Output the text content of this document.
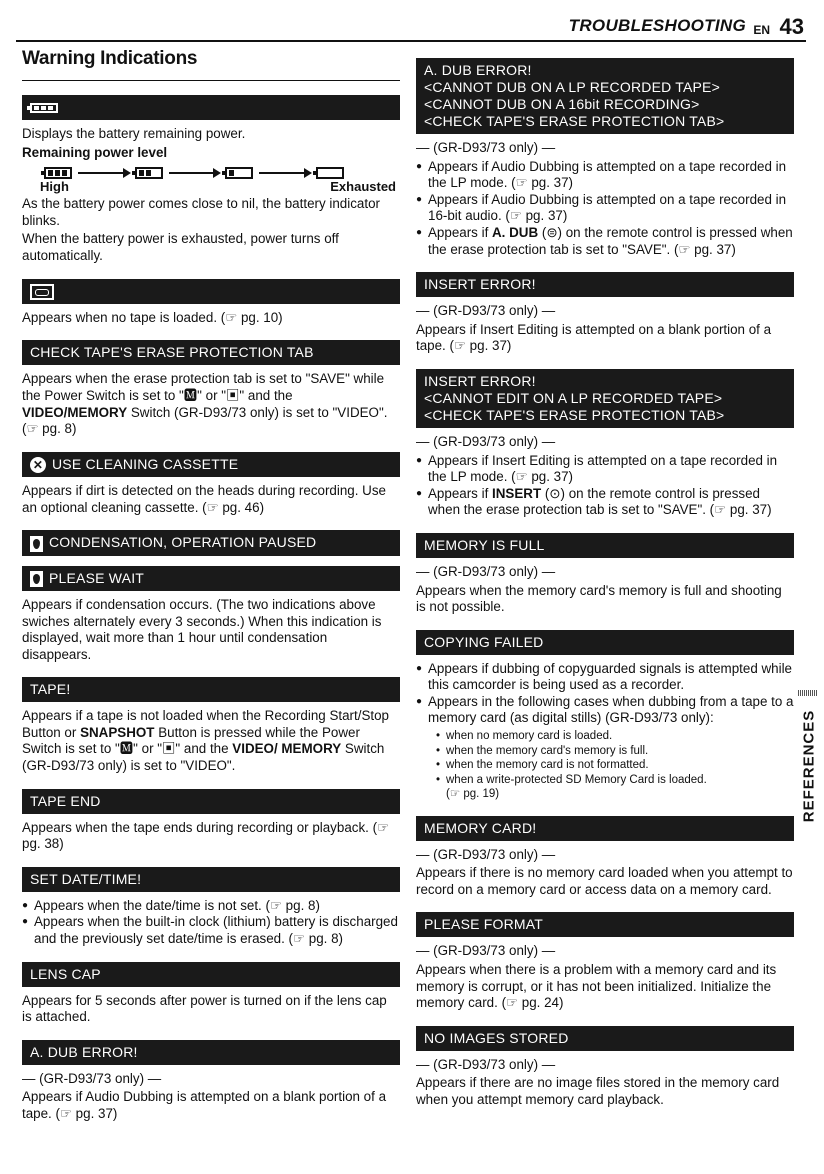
TROUBLESHOOTING EN 43
Warning Indications

Displays the battery remaining power.

Remaining power level

High	Exhausted

As the battery power comes close to nil, the battery indicator blinks.

When the battery power is exhausted, power turns off automatically.

Appears when no tape is loaded. (☞ pg. 10)

CHECK TAPE'S ERASE PROTECTION TAB

Appears when the erase protection tab is set to "SAVE" while the Power Switch is set to "🅼" or "▣" and the VIDEO/MEMORY Switch (GR-D93/73 only) is set to "VIDEO". (☞ pg. 8)

✕ USE CLEANING CASSETTE

Appears if dirt is detected on the heads during recording. Use an optional cleaning cassette. (☞ pg. 46)

CONDENSATION, OPERATION PAUSED
PLEASE WAIT

Appears if condensation occurs. (The two indications above swiches alternately every 3 seconds.) When this indication is displayed, wait more than 1 hour until condensation disappears.

TAPE!

Appears if a tape is not loaded when the Recording Start/Stop Button or SNAPSHOT Button is pressed while the Power Switch is set to "🅼" or "▣" and the VIDEO/ MEMORY Switch (GR-D93/73 only) is set to "VIDEO".

TAPE END

Appears when the tape ends during recording or playback. (☞ pg. 38)

SET DATE/TIME!
● Appears when the date/time is not set. (☞ pg. 8)
● Appears when the built-in clock (lithium) battery is discharged and the previously set date/time is erased. (☞ pg. 8)
LENS CAP

Appears for 5 seconds after power is turned on if the lens cap is attached.

A. DUB ERROR!

— (GR-D93/73 only) —

Appears if Audio Dubbing is attempted on a blank portion of a tape. (☞ pg. 37)

A. DUB ERROR!
<CANNOT DUB ON A LP RECORDED TAPE>
<CANNOT DUB ON A 16bit RECORDING>
<CHECK TAPE'S ERASE PROTECTION TAB>

— (GR-D93/73 only) —

● Appears if Audio Dubbing is attempted on a tape recorded in the LP mode. (☞ pg. 37)
● Appears if Audio Dubbing is attempted on a tape recorded in 16-bit audio. (☞ pg. 37)
● Appears if A. DUB (⊜) on the remote control is pressed when the erase protection tab is set to "SAVE". (☞ pg. 37)
INSERT ERROR!

— (GR-D93/73 only) —

Appears if Insert Editing is attempted on a blank portion of a tape. (☞ pg. 37)

INSERT ERROR!
<CANNOT EDIT ON A LP RECORDED TAPE>
<CHECK TAPE'S ERASE PROTECTION TAB>

— (GR-D93/73 only) —

● Appears if Insert Editing is attempted on a tape recorded in the LP mode. (☞ pg. 37)
● Appears if INSERT (⊙) on the remote control is pressed when the erase protection tab is set to "SAVE". (☞ pg. 37)
MEMORY IS FULL

— (GR-D93/73 only) —

Appears when the memory card's memory is full and shooting is not possible.

COPYING FAILED
● Appears if dubbing of copyguarded signals is attempted while this camcorder is being used as a recorder.
● Appears in the following cases when dubbing from a tape to a memory card (as digital stills) (GR-D93/73 only):
• when no memory card is loaded.
• when the memory card's memory is full.
• when the memory card is not formatted.
• when a write-protected SD Memory Card is loaded.
(☞ pg. 19)
MEMORY CARD!

— (GR-D93/73 only) —

Appears if there is no memory card loaded when you attempt to record on a memory card or access data on a memory card.

PLEASE FORMAT

— (GR-D93/73 only) —

Appears when there is a problem with a memory card and its memory is corrupt, or it has not been initialized. Initialize the memory card. (☞ pg. 24)

NO IMAGES STORED

— (GR-D93/73 only) —

Appears if there are no image files stored in the memory card when you attempt memory card playback.

REFERENCES
